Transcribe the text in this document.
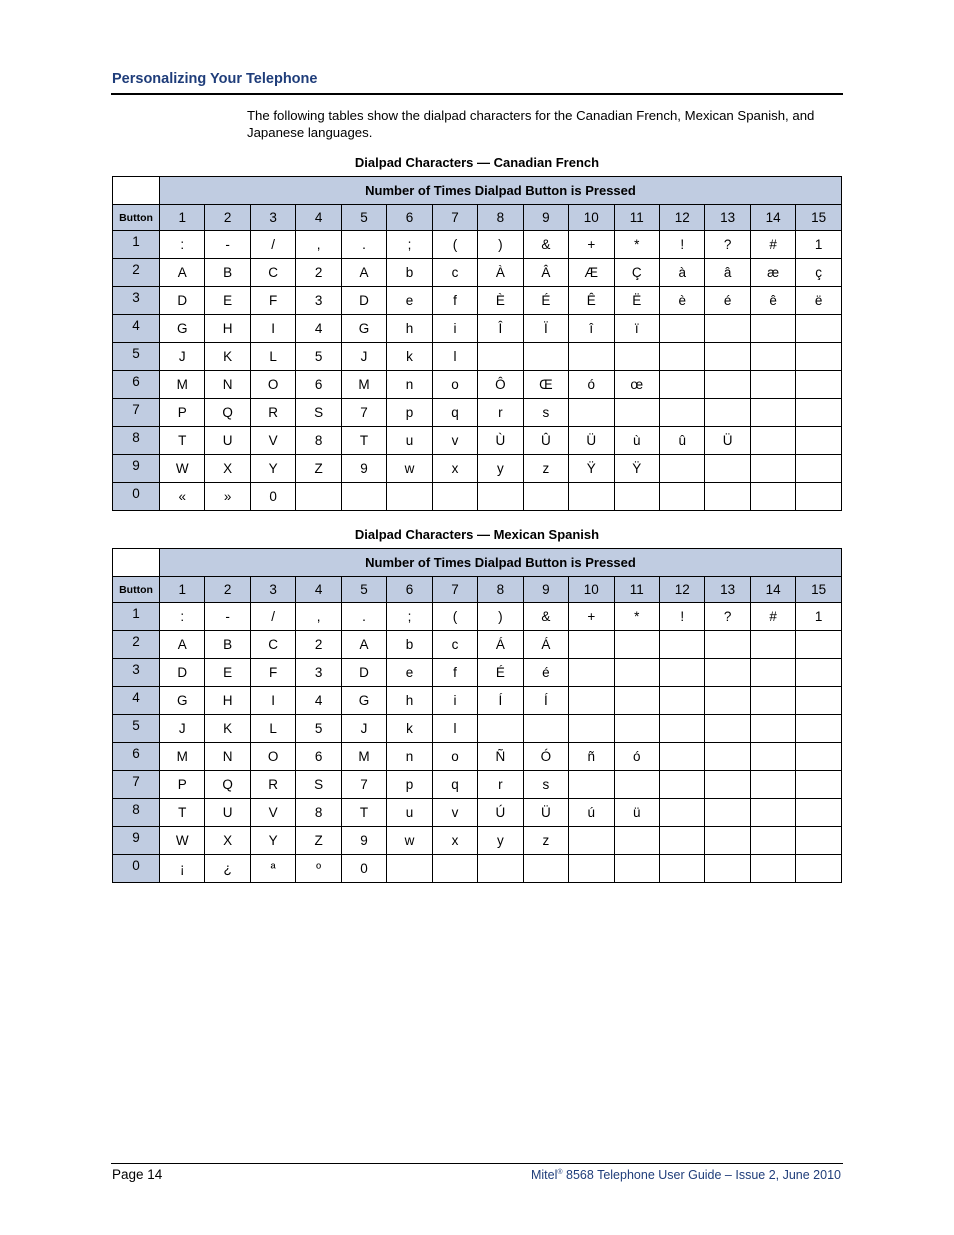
Personalizing Your Telephone
The following tables show the dialpad characters for the Canadian French, Mexican Spanish, and Japanese languages.
Dialpad Characters — Canadian French
	Number of Times Dialpad Button is Pressed														
Button	1	2	3	4	5	6	7	8	9	10	11	12	13	14	15
1	:	-	/	,	.	;	(	)	&	+	*	!	?	#	1
2	A	B	C	2	A	b	c	À	Â	Æ	Ç	à	â	æ	ç
3	D	E	F	3	D	e	f	È	É	Ê	Ë	è	é	ê	ë
4	G	H	I	4	G	h	i	Î	Ï	î	ï				
5	J	K	L	5	J	k	l								
6	M	N	O	6	M	n	o	Ô	Œ	ó	œ				
7	P	Q	R	S	7	p	q	r	s						
8	T	U	V	8	T	u	v	Ù	Û	Ü	ù	û	Ü		
9	W	X	Y	Z	9	w	x	y	z	Ÿ	Ÿ				
0	«	»	0												
Dialpad Characters — Mexican Spanish
	Number of Times Dialpad Button is Pressed														
Button	1	2	3	4	5	6	7	8	9	10	11	12	13	14	15
1	:	-	/	,	.	;	(	)	&	+	*	!	?	#	1
2	A	B	C	2	A	b	c	Á	Á						
3	D	E	F	3	D	e	f	É	é						
4	G	H	I	4	G	h	i	Í	Í						
5	J	K	L	5	J	k	l								
6	M	N	O	6	M	n	o	Ñ	Ó	ñ	ó				
7	P	Q	R	S	7	p	q	r	s						
8	T	U	V	8	T	u	v	Ú	Ü	ú	ü				
9	W	X	Y	Z	9	w	x	y	z						
0	¡	¿	ª	º	0										
Page 14	Mitel® 8568 Telephone User Guide – Issue 2, June 2010
